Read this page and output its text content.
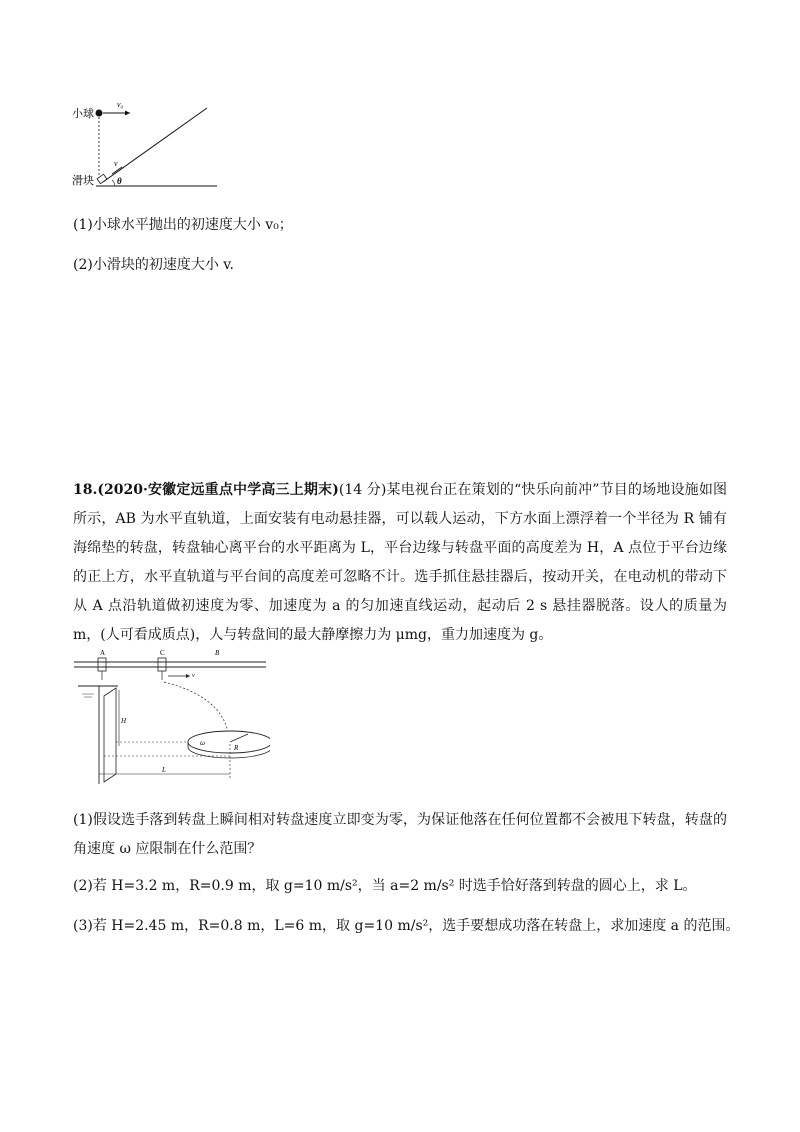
小球
v₀
v
θ
滑块
(1)小球水平抛出的初速度大小 v₀；
(2)小滑块的初速度大小 v.
18.(2020·安徽定远重点中学高三上期末)(14 分)某电视台正在策划的“快乐向前冲”节目的场地设施如图所示，AB 为水平直轨道，上面安装有电动悬挂器，可以载人运动，下方水面上漂浮着一个半径为 R 铺有海绵垫的转盘，转盘轴心离平台的水平距离为 L，平台边缘与转盘平面的高度差为 H，A 点位于平台边缘的正上方，水平直轨道与平台间的高度差可忽略不计。选手抓住悬挂器后，按动开关，在电动机的带动下从 A 点沿轨道做初速度为零、加速度为 a 的匀加速直线运动，起动后 2 s 悬挂器脱落。设人的质量为 m，(人可看成质点)，人与转盘间的最大静摩擦力为 μmg，重力加速度为 g。
A	C	B
v
H
ω
R
L
(1)假设选手落到转盘上瞬间相对转盘速度立即变为零，为保证他落在任何位置都不会被甩下转盘，转盘的角速度 ω 应限制在什么范围？
(2)若 H=3.2 m，R=0.9 m，取 g=10 m/s²，当 a=2 m/s² 时选手恰好落到转盘的圆心上，求 L。
(3)若 H=2.45 m，R=0.8 m，L=6 m，取 g=10 m/s²，选手要想成功落在转盘上，求加速度 a 的范围。
